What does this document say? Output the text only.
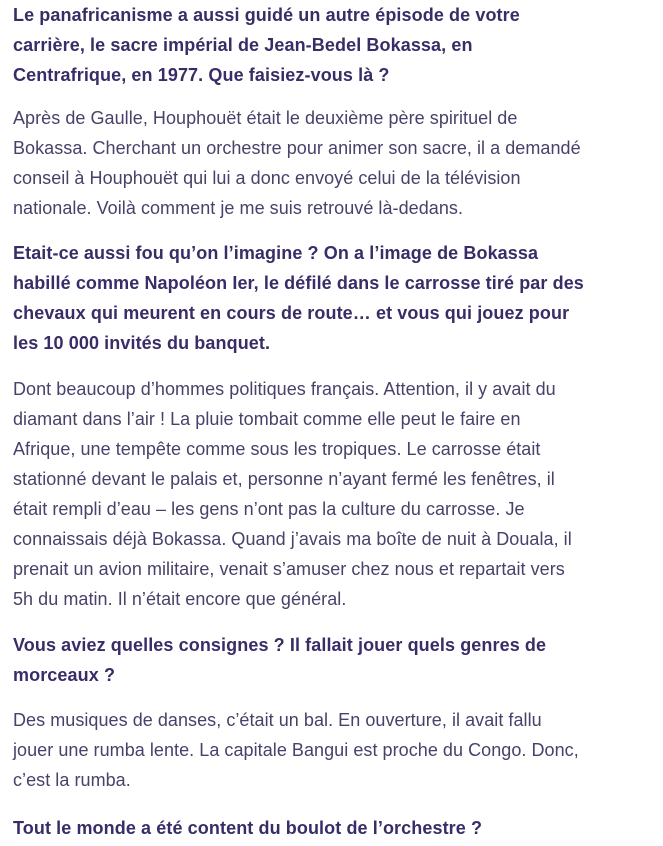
Le panafricanisme a aussi guidé un autre épisode de votre
carrière, le sacre impérial de Jean-Bedel Bokassa, en
Centrafrique, en 1977. Que faisiez-vous là ?

Après de Gaulle, Houphouët était le deuxième père spirituel de
Bokassa. Cherchant un orchestre pour animer son sacre, il a demandé
conseil à Houphouët qui lui a donc envoyé celui de la télévision
nationale. Voilà comment je me suis retrouvé là-dedans.

Etait-ce aussi fou qu’on l’imagine ? On a l’image de Bokassa
habillé comme Napoléon Ier, le défilé dans le carrosse tiré par des
chevaux qui meurent en cours de route… et vous qui jouez pour
les 10 000 invités du banquet.

Dont beaucoup d’hommes politiques français. Attention, il y avait du
diamant dans l’air ! La pluie tombait comme elle peut le faire en
Afrique, une tempête comme sous les tropiques. Le carrosse était
stationné devant le palais et, personne n’ayant fermé les fenêtres, il
était rempli d’eau – les gens n’ont pas la culture du carrosse. Je
connaissais déjà Bokassa. Quand j’avais ma boîte de nuit à Douala, il
prenait un avion militaire, venait s’amuser chez nous et repartait vers
5h du matin. Il n’était encore que général.

Vous aviez quelles consignes ? Il fallait jouer quels genres de
morceaux ?

Des musiques de danses, c’était un bal. En ouverture, il avait fallu
jouer une rumba lente. La capitale Bangui est proche du Congo. Donc,
c’est la rumba.

Tout le monde a été content du boulot de l’orchestre ?
